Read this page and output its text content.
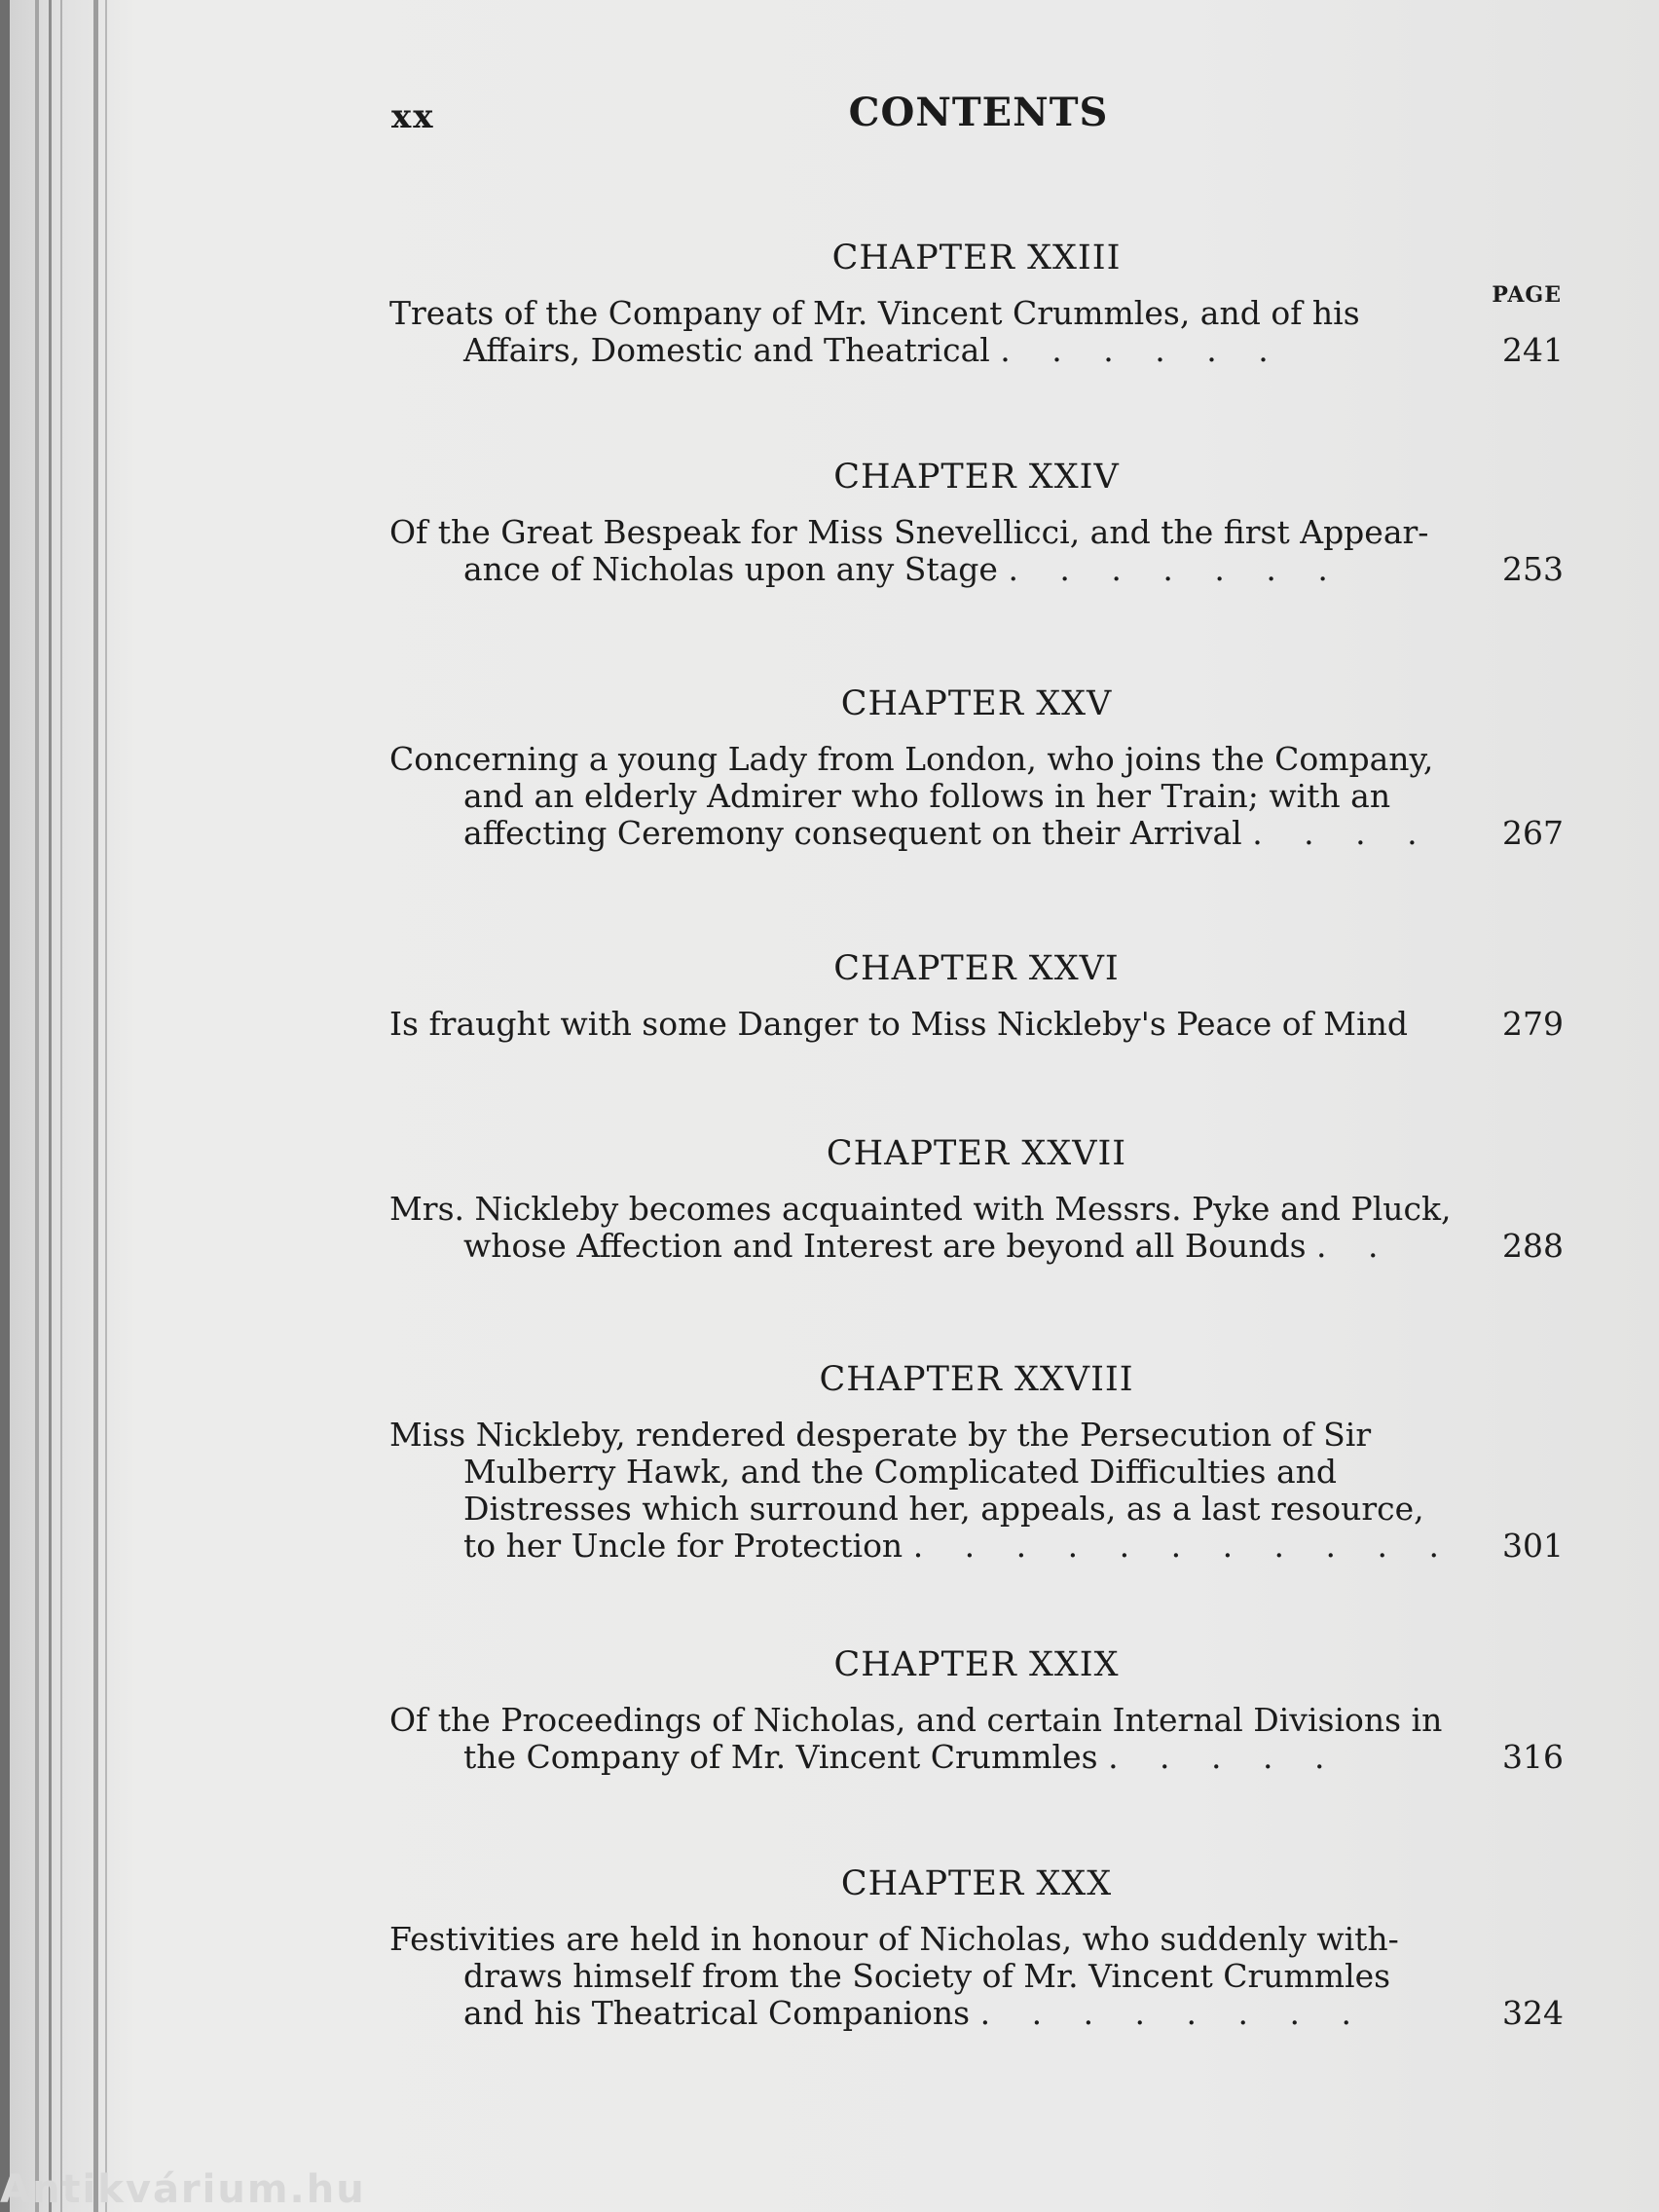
xx	CONTENTS
PAGE
CHAPTER XXIII
Treats of the Company of Mr. Vincent Crummles, and of his
Affairs, Domestic and Theatrical . . . . . .	241
CHAPTER XXIV
Of the Great Bespeak for Miss Snevellicci, and the first Appear-
ance of Nicholas upon any Stage . . . . . . .	253
CHAPTER XXV
Concerning a young Lady from London, who joins the Company,
and an elderly Admirer who follows in her Train; with an
affecting Ceremony consequent on their Arrival . . . .	267
CHAPTER XXVI
Is fraught with some Danger to Miss Nickleby's Peace of Mind	279
CHAPTER XXVII
Mrs. Nickleby becomes acquainted with Messrs. Pyke and Pluck,
whose Affection and Interest are beyond all Bounds . .	288
CHAPTER XXVIII
Miss Nickleby, rendered desperate by the Persecution of Sir
Mulberry Hawk, and the Complicated Difficulties and
Distresses which surround her, appeals, as a last resource,
to her Uncle for Protection . . . . . . . . . . .	301
CHAPTER XXIX
Of the Proceedings of Nicholas, and certain Internal Divisions in
the Company of Mr. Vincent Crummles . . . . .	316
CHAPTER XXX
Festivities are held in honour of Nicholas, who suddenly with-
draws himself from the Society of Mr. Vincent Crummles
and his Theatrical Companions . . . . . . . .	324
Antikvárium.hu
